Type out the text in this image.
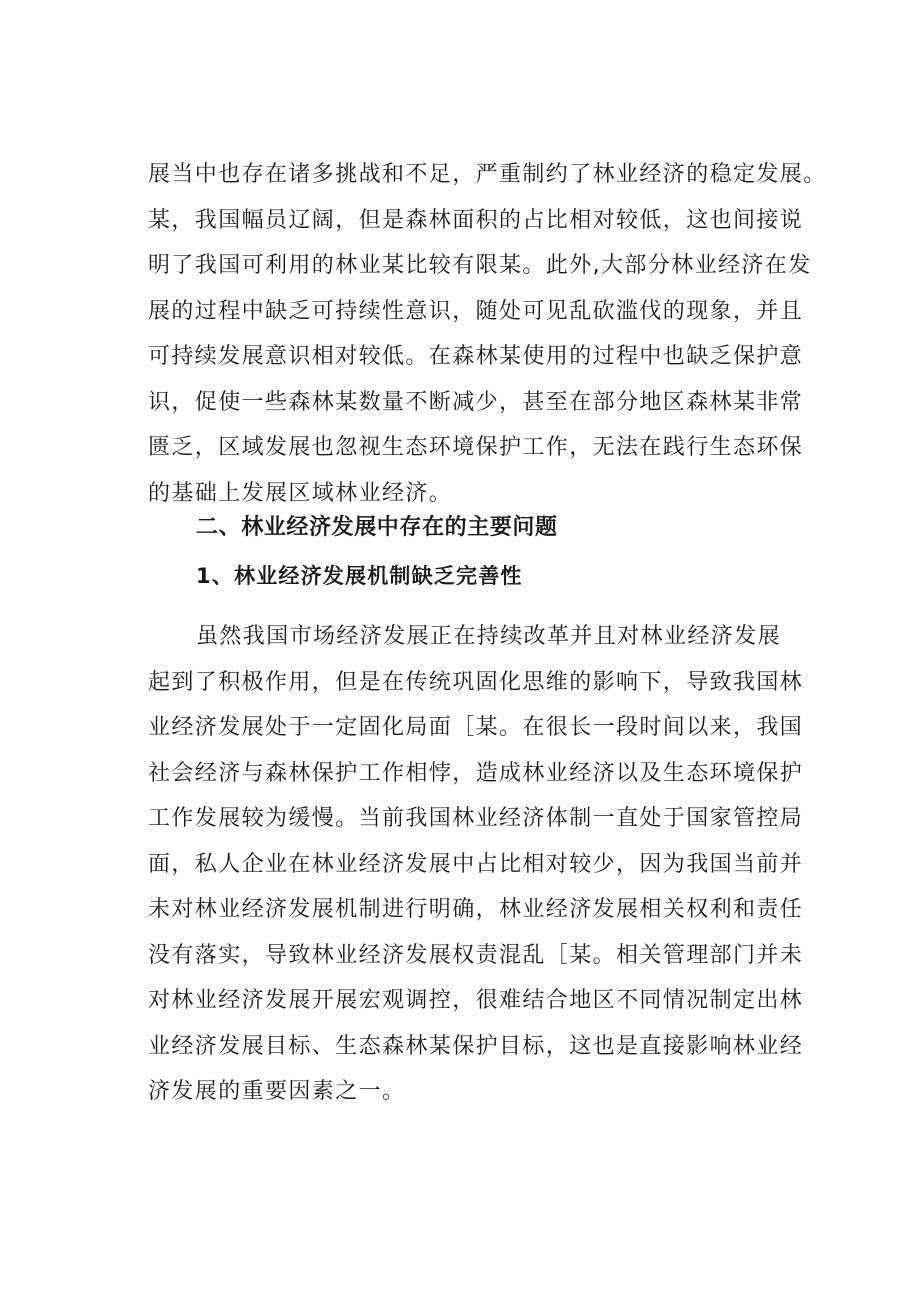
展当中也存在诸多挑战和不足，严重制约了林业经济的稳定发展。
某，我国幅员辽阔，但是森林面积的占比相对较低，这也间接说
明了我国可利用的林业某比较有限某。此外,大部分林业经济在发
展的过程中缺乏可持续性意识，随处可见乱砍滥伐的现象，并且
可持续发展意识相对较低。在森林某使用的过程中也缺乏保护意
识，促使一些森林某数量不断减少，甚至在部分地区森林某非常
匮乏，区域发展也忽视生态环境保护工作，无法在践行生态环保
的基础上发展区域林业经济。
二、林业经济发展中存在的主要问题
1、林业经济发展机制缺乏完善性
虽然我国市场经济发展正在持续改革并且对林业经济发展
起到了积极作用，但是在传统巩固化思维的影响下，导致我国林
业经济发展处于一定固化局面［某。在很长一段时间以来，我国
社会经济与森林保护工作相悖，造成林业经济以及生态环境保护
工作发展较为缓慢。当前我国林业经济体制一直处于国家管控局
面，私人企业在林业经济发展中占比相对较少，因为我国当前并
未对林业经济发展机制进行明确，林业经济发展相关权利和责任
没有落实，导致林业经济发展权责混乱［某。相关管理部门并未
对林业经济发展开展宏观调控，很难结合地区不同情况制定出林
业经济发展目标、生态森林某保护目标，这也是直接影响林业经
济发展的重要因素之一。
